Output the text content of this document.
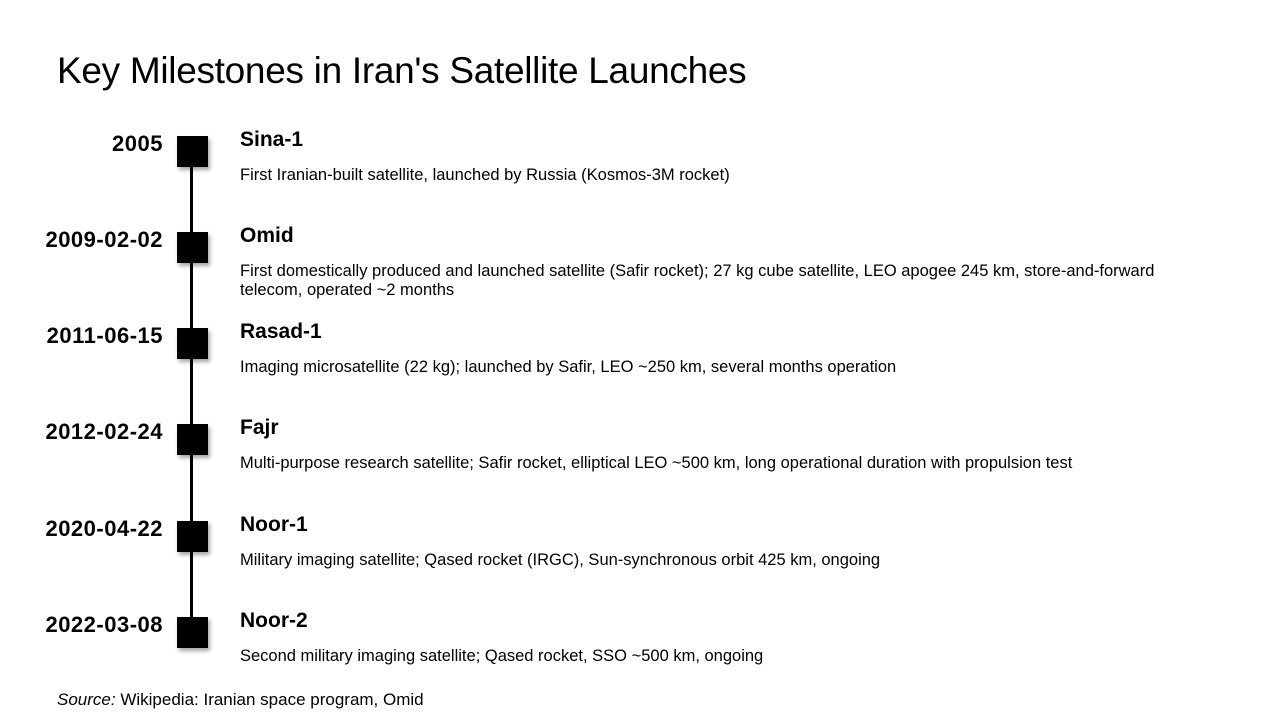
Key Milestones in Iran's Satellite Launches
2005	Sina-1
First Iranian-built satellite, launched by Russia (Kosmos-3M rocket)
2009-02-02	Omid
First domestically produced and launched satellite (Safir rocket); 27 kg cube satellite, LEO apogee 245 km, store-and-forward telecom, operated ~2 months
2011-06-15	Rasad-1
Imaging microsatellite (22 kg); launched by Safir, LEO ~250 km, several months operation
2012-02-24	Fajr
Multi-purpose research satellite; Safir rocket, elliptical LEO ~500 km, long operational duration with propulsion test
2020-04-22	Noor-1
Military imaging satellite; Qased rocket (IRGC), Sun-synchronous orbit 425 km, ongoing
2022-03-08	Noor-2
Second military imaging satellite; Qased rocket, SSO ~500 km, ongoing
Source: Wikipedia: Iranian space program, Omid
